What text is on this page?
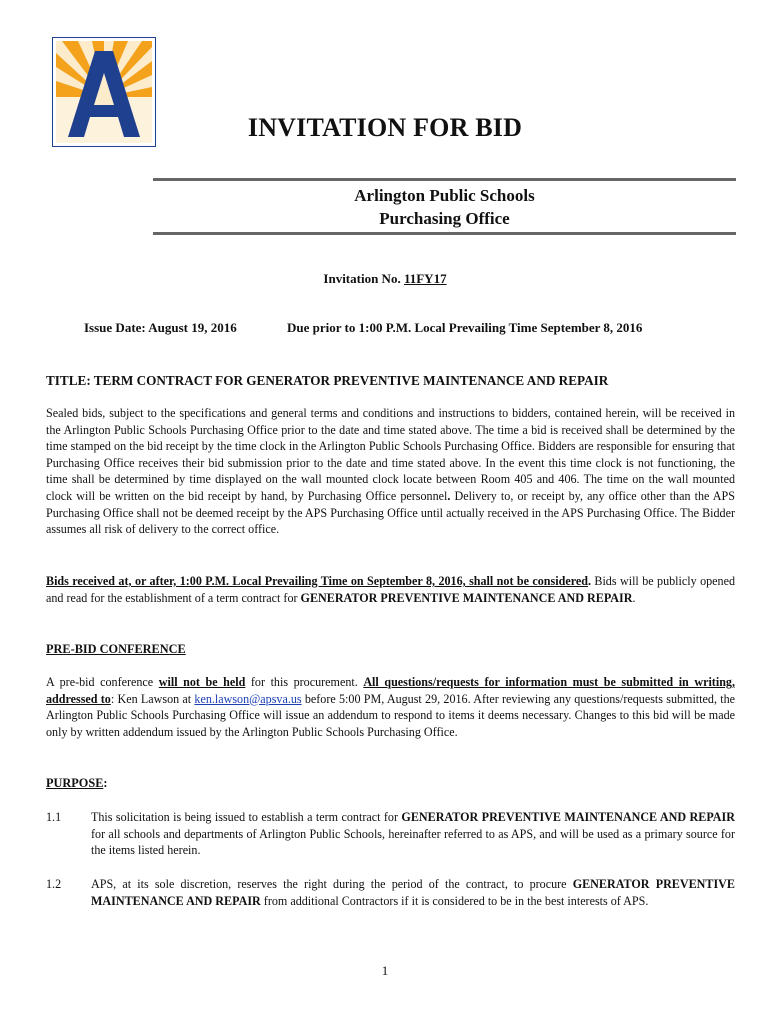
INVITATION FOR BID
Arlington Public Schools
Purchasing Office
Invitation No. 11FY17
Issue Date: August 19, 2016	Due prior to 1:00 P.M. Local Prevailing Time September 8, 2016
TITLE: TERM CONTRACT FOR GENERATOR PREVENTIVE MAINTENANCE AND REPAIR
Sealed bids, subject to the specifications and general terms and conditions and instructions to bidders, contained herein, will be received in the Arlington Public Schools Purchasing Office prior to the date and time stated above. The time a bid is received shall be determined by the time stamped on the bid receipt by the time clock in the Arlington Public Schools Purchasing Office. Bidders are responsible for ensuring that Purchasing Office receives their bid submission prior to the date and time stated above. In the event this time clock is not functioning, the time shall be determined by time displayed on the wall mounted clock locate between Room 405 and 406. The time on the wall mounted clock will be written on the bid receipt by hand, by Purchasing Office personnel. Delivery to, or receipt by, any office other than the APS Purchasing Office shall not be deemed receipt by the APS Purchasing Office until actually received in the APS Purchasing Office. The Bidder assumes all risk of delivery to the correct office.
Bids received at, or after, 1:00 P.M. Local Prevailing Time on September 8, 2016, shall not be considered. Bids will be publicly opened and read for the establishment of a term contract for GENERATOR PREVENTIVE MAINTENANCE AND REPAIR.
PRE-BID CONFERENCE
A pre-bid conference will not be held for this procurement. All questions/requests for information must be submitted in writing, addressed to: Ken Lawson at ken.lawson@apsva.us before 5:00 PM, August 29, 2016. After reviewing any questions/requests submitted, the Arlington Public Schools Purchasing Office will issue an addendum to respond to items it deems necessary. Changes to this bid will be made only by written addendum issued by the Arlington Public Schools Purchasing Office.
PURPOSE:
1.1 This solicitation is being issued to establish a term contract for GENERATOR PREVENTIVE MAINTENANCE AND REPAIR for all schools and departments of Arlington Public Schools, hereinafter referred to as APS, and will be used as a primary source for the items listed herein.
1.2 APS, at its sole discretion, reserves the right during the period of the contract, to procure GENERATOR PREVENTIVE MAINTENANCE AND REPAIR from additional Contractors if it is considered to be in the best interests of APS.
1
